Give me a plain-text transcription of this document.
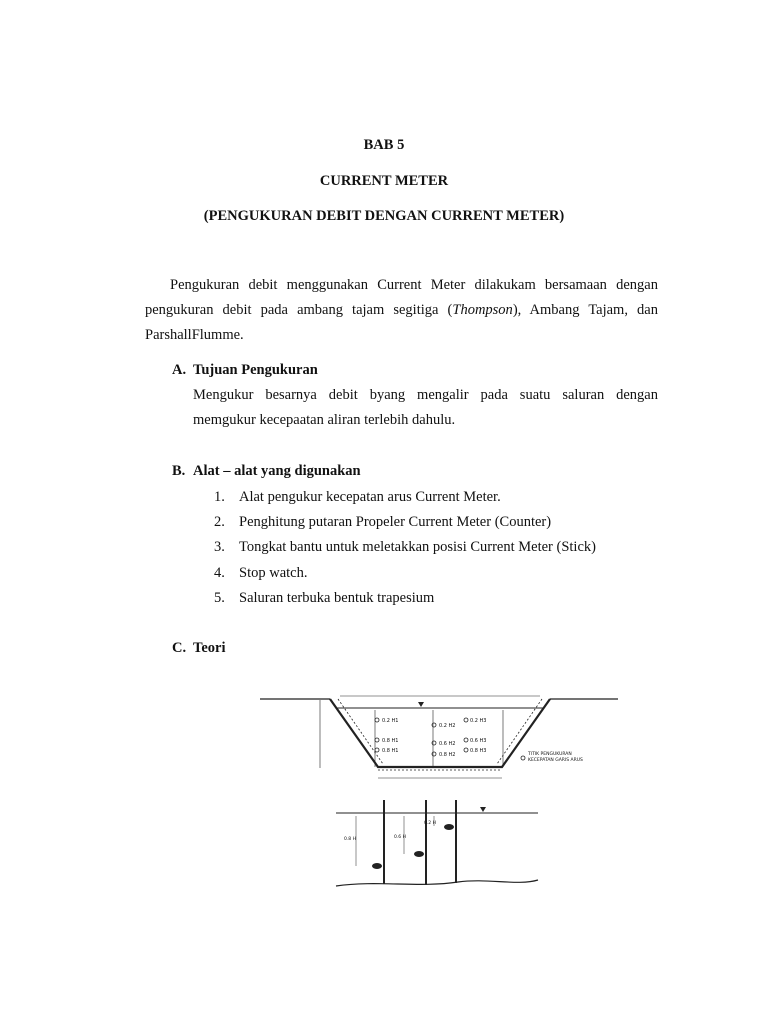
BAB 5
CURRENT METER
(PENGUKURAN DEBIT DENGAN CURRENT METER)
Pengukuran debit menggunakan Current Meter dilakukam bersamaan dengan pengukuran debit pada ambang tajam segitiga (Thompson), Ambang Tajam, dan ParshallFlumme.
A. Tujuan Pengukuran
Mengukur besarnya debit byang mengalir pada suatu saluran dengan memgukur kecepaatan aliran terlebih dahulu.
B. Alat – alat yang digunakan
1. Alat pengukur kecepatan arus Current Meter.
2. Penghitung putaran Propeler Current Meter (Counter)
3. Tongkat bantu untuk meletakkan posisi Current Meter (Stick)
4. Stop watch.
5. Saluran terbuka bentuk trapesium
C. Teori
0.2 H1
0.2 H2
0.2 H3
0.8 H1	0.6 H2	0.6 H3
0.8 H1
0.8 H2
0.8 H3
TITIK PENGUKURAN
KECEPATAN GARIS ARUS
0.8 H	0.6 H
0.2 H
